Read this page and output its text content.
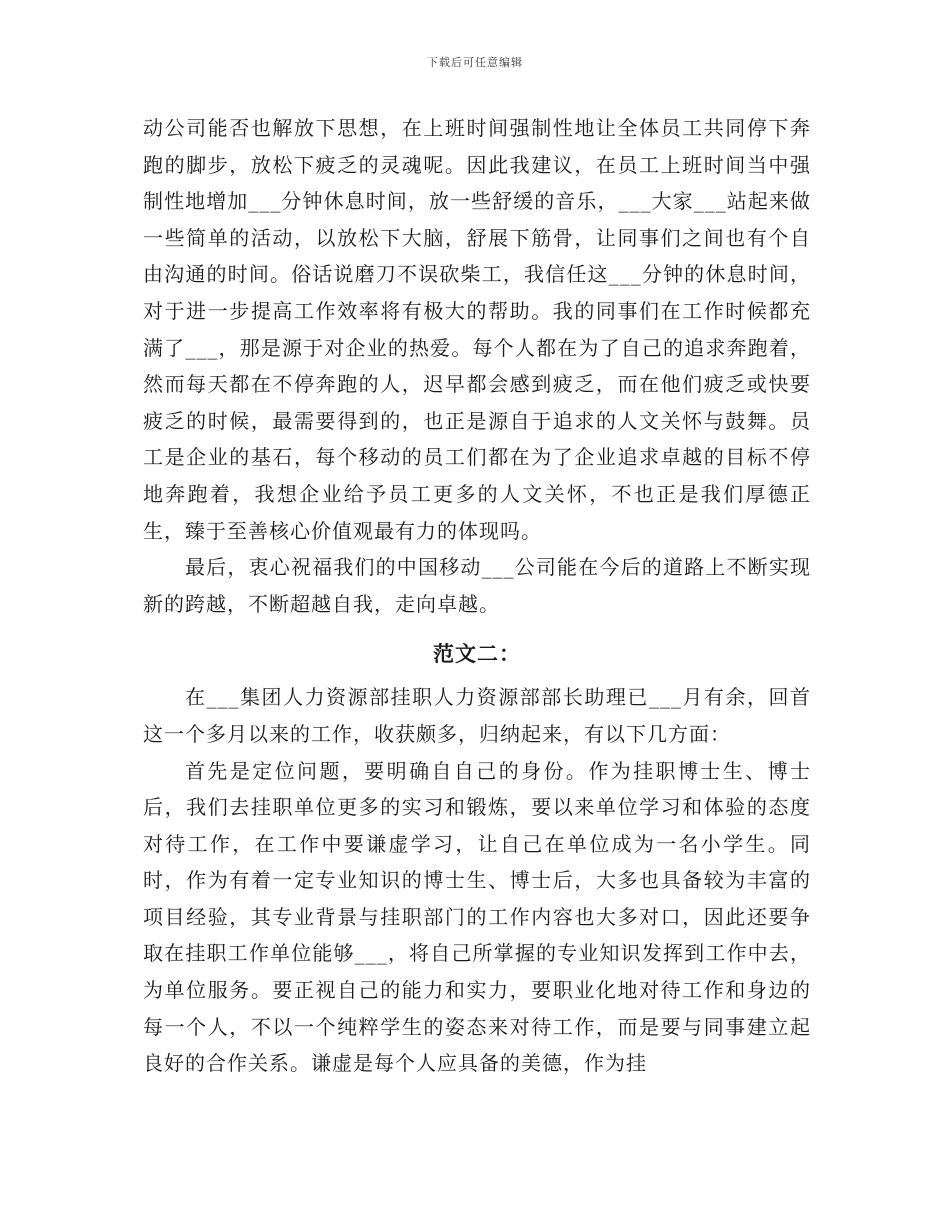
下载后可任意编辑

动公司能否也解放下思想，在上班时间强制性地让全体员工共同停下奔跑的脚步，放松下疲乏的灵魂呢。因此我建议，在员工上班时间当中强制性地增加___分钟休息时间，放一些舒缓的音乐，___大家___站起来做一些简单的活动，以放松下大脑，舒展下筋骨，让同事们之间也有个自由沟通的时间。俗话说磨刀不误砍柴工，我信任这___分钟的休息时间，对于进一步提高工作效率将有极大的帮助。我的同事们在工作时候都充满了___，那是源于对企业的热爱。每个人都在为了自己的追求奔跑着，然而每天都在不停奔跑的人，迟早都会感到疲乏，而在他们疲乏或快要疲乏的时候，最需要得到的，也正是源自于追求的人文关怀与鼓舞。员工是企业的基石，每个移动的员工们都在为了企业追求卓越的目标不停地奔跑着，我想企业给予员工更多的人文关怀，不也正是我们厚德正生，臻于至善核心价值观最有力的体现吗。

最后，衷心祝福我们的中国移动___公司能在今后的道路上不断实现新的跨越，不断超越自我，走向卓越。

范文二：

在___集团人力资源部挂职人力资源部部长助理已___月有余，回首这一个多月以来的工作，收获颇多，归纳起来，有以下几方面：

首先是定位问题，要明确自自己的身份。作为挂职博士生、博士后，我们去挂职单位更多的实习和锻炼，要以来单位学习和体验的态度对待工作，在工作中要谦虚学习，让自己在单位成为一名小学生。同时，作为有着一定专业知识的博士生、博士后，大多也具备较为丰富的项目经验，其专业背景与挂职部门的工作内容也大多对口，因此还要争取在挂职工作单位能够___，将自己所掌握的专业知识发挥到工作中去，为单位服务。要正视自己的能力和实力，要职业化地对待工作和身边的每一个人，不以一个纯粹学生的姿态来对待工作，而是要与同事建立起良好的合作关系。谦虚是每个人应具备的美德，作为挂
